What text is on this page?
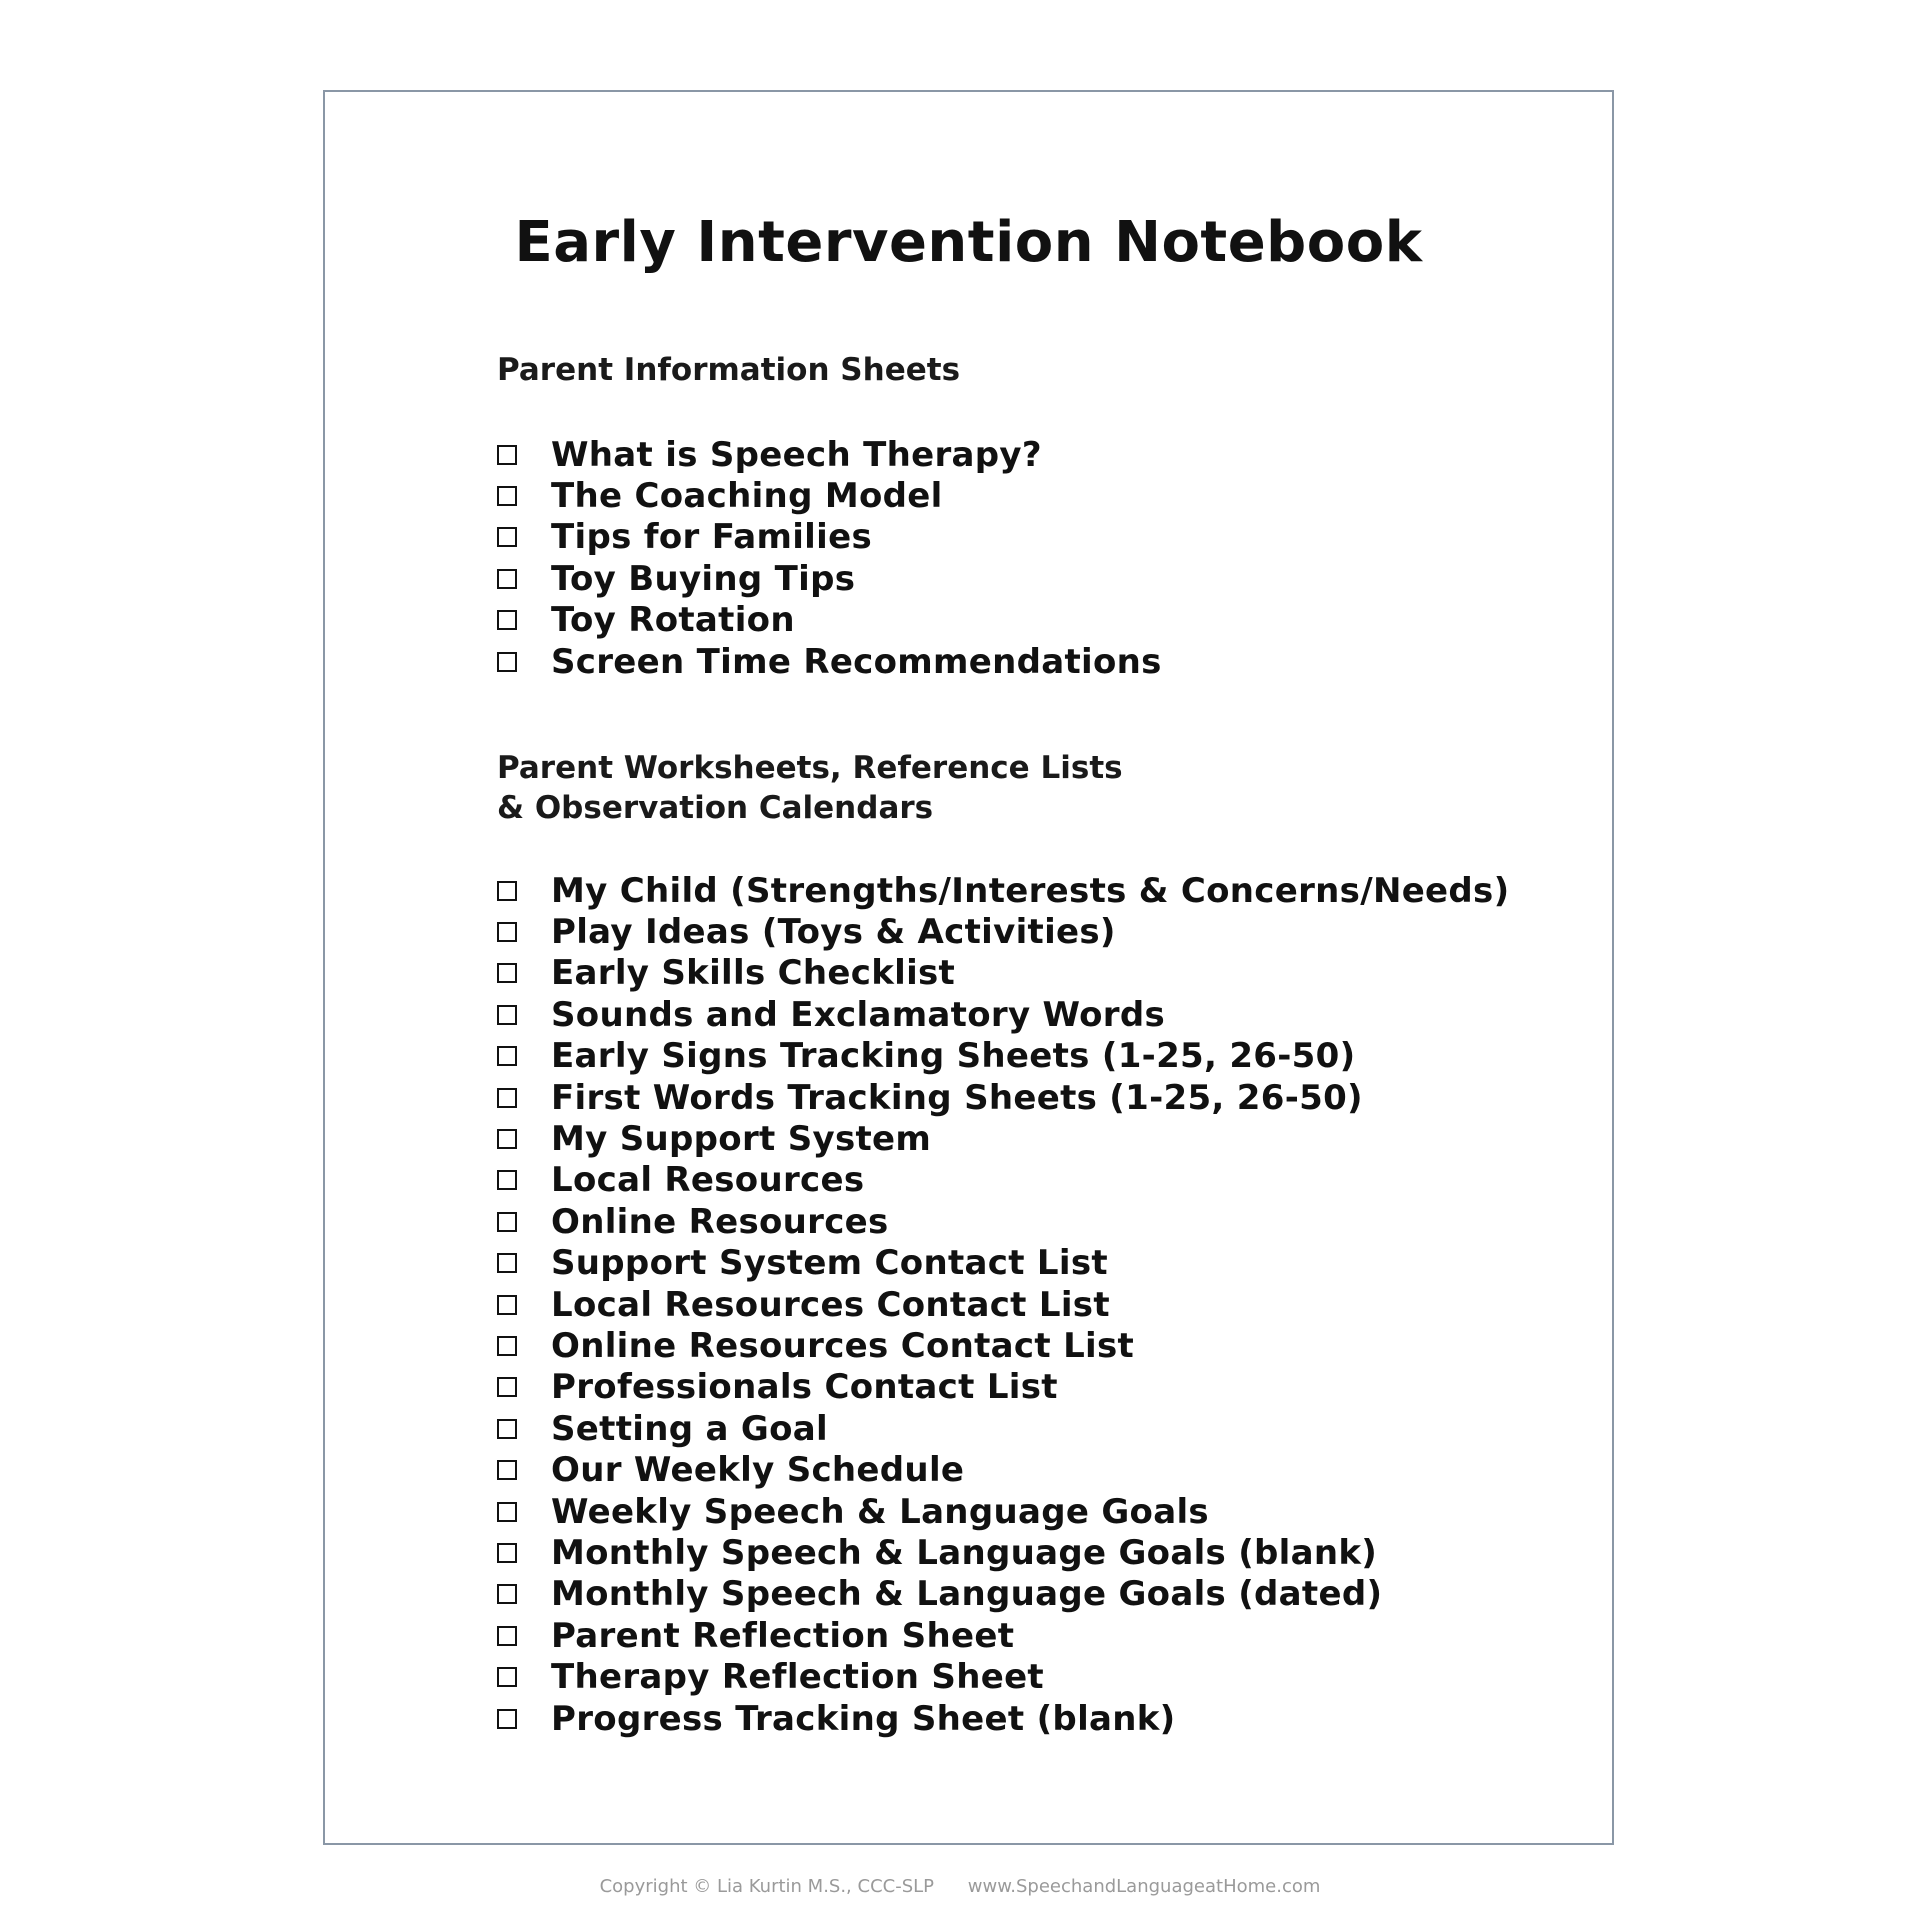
Early Intervention Notebook
Parent Information Sheets
What is Speech Therapy?
The Coaching Model
Tips for Families
Toy Buying Tips
Toy Rotation
Screen Time Recommendations
Parent Worksheets, Reference Lists
& Observation Calendars
My Child (Strengths/Interests & Concerns/Needs)
Play Ideas (Toys & Activities)
Early Skills Checklist
Sounds and Exclamatory Words
Early Signs Tracking Sheets (1-25, 26-50)
First Words Tracking Sheets (1-25, 26-50)
My Support System
Local Resources
Online Resources
Support System Contact List
Local Resources Contact List
Online Resources Contact List
Professionals Contact List
Setting a Goal
Our Weekly Schedule
Weekly Speech & Language Goals
Monthly Speech & Language Goals (blank)
Monthly Speech & Language Goals (dated)
Parent Reflection Sheet
Therapy Reflection Sheet
Progress Tracking Sheet (blank)
Copyright © Lia Kurtin M.S., CCC-SLP www.SpeechandLanguageatHome.com
